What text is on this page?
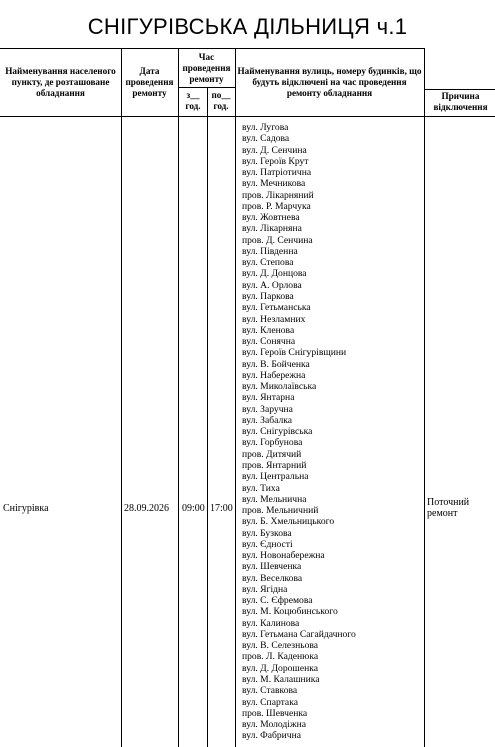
СНІГУРІВСЬКА ДІЛЬНИЦЯ ч.1
Найменування населеного пункту, де розташоване обладнання
Дата проведення ремонту
Час проведення ремонту
з__ год.
по__ год.
Найменування вулиць, номеру будинків, що будуть відключені на час проведення ремонту обладнання	Причина відключення
Снігурівка	28.09.2026 09:00 17:00
Поточний ремонт
вул. Лугова
вул. Садова
вул. Д. Сенчина
вул. Героїв Крут
вул. Патріотична
вул. Мечникова
пров. Лікарняний
пров. Р. Марчука
вул. Жовтнева
вул. Лікарняна
пров. Д. Сенчина
вул. Південна
вул. Степова
вул. Д. Донцова
вул. А. Орлова
вул. Паркова
вул. Гетьманська
вул. Незламних
вул. Кленова
вул. Сонячна
вул. Героїв Снігурівщини
вул. В. Бойченка
вул. Набережна
вул. Миколаївська
вул. Янтарна
вул. Заручна
вул. Забалка
вул. Снігурівська
вул. Горбунова
пров. Дитячий
пров. Янтарний
вул. Центральна
вул. Тиха
вул. Мельнична
пров. Мельничний
вул. Б. Хмельницького
вул. Бузкова
вул. Єдності
вул. Новонабережна
вул. Шевченка
вул. Веселкова
вул. Ягідна
вул. С. Єфремова
вул. М. Коцюбинського
вул. Калинова
вул. Гетьмана Сагайдачного
вул. В. Селезньова
пров. Л. Каденюка
вул. Д. Дорошенка
вул. М. Калашника
вул. Ставкова
вул. Спартака
пров. Шевченка
вул. Молодіжна
вул. Фабрична
